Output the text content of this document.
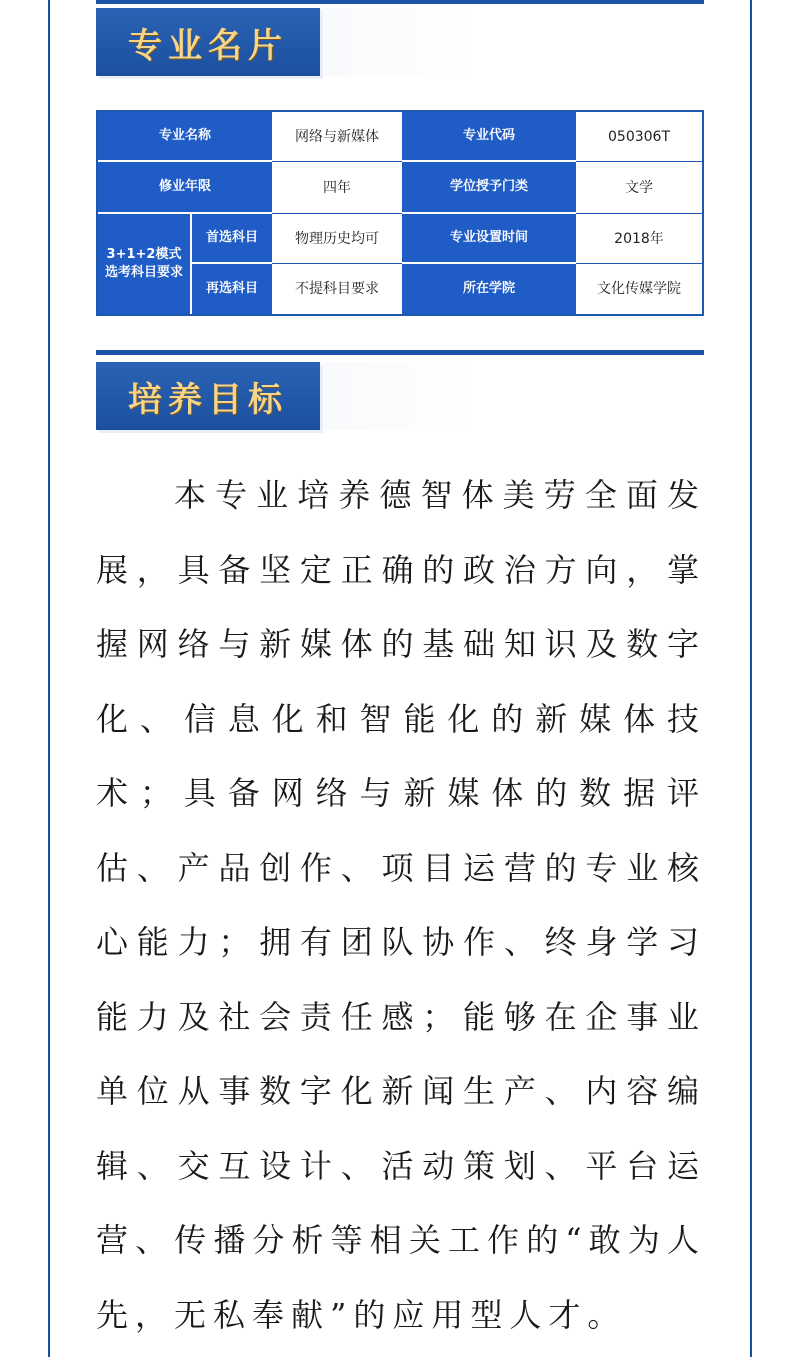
专业名片
专业名称	网络与新媒体	专业代码	050306T
修业年限	四年	学位授予门类	文学
3+1+2模式选考科目要求
首选科目	物理历史均可	专业设置时间	2018年
再选科目	不提科目要求	所在学院	文化传媒学院
培养目标

本专业培养德智体美劳全面发展，具备坚定正确的政治方向，掌握网络与新媒体的基础知识及数字化、信息化和智能化的新媒体技术；具备网络与新媒体的数据评估、产品创作、项目运营的专业核心能力；拥有团队协作、终身学习能力及社会责任感；能够在企事业单位从事数字化新闻生产、内容编辑、交互设计、活动策划、平台运营、传播分析等相关工作的“敢为人先，无私奉献”的应用型人才。
